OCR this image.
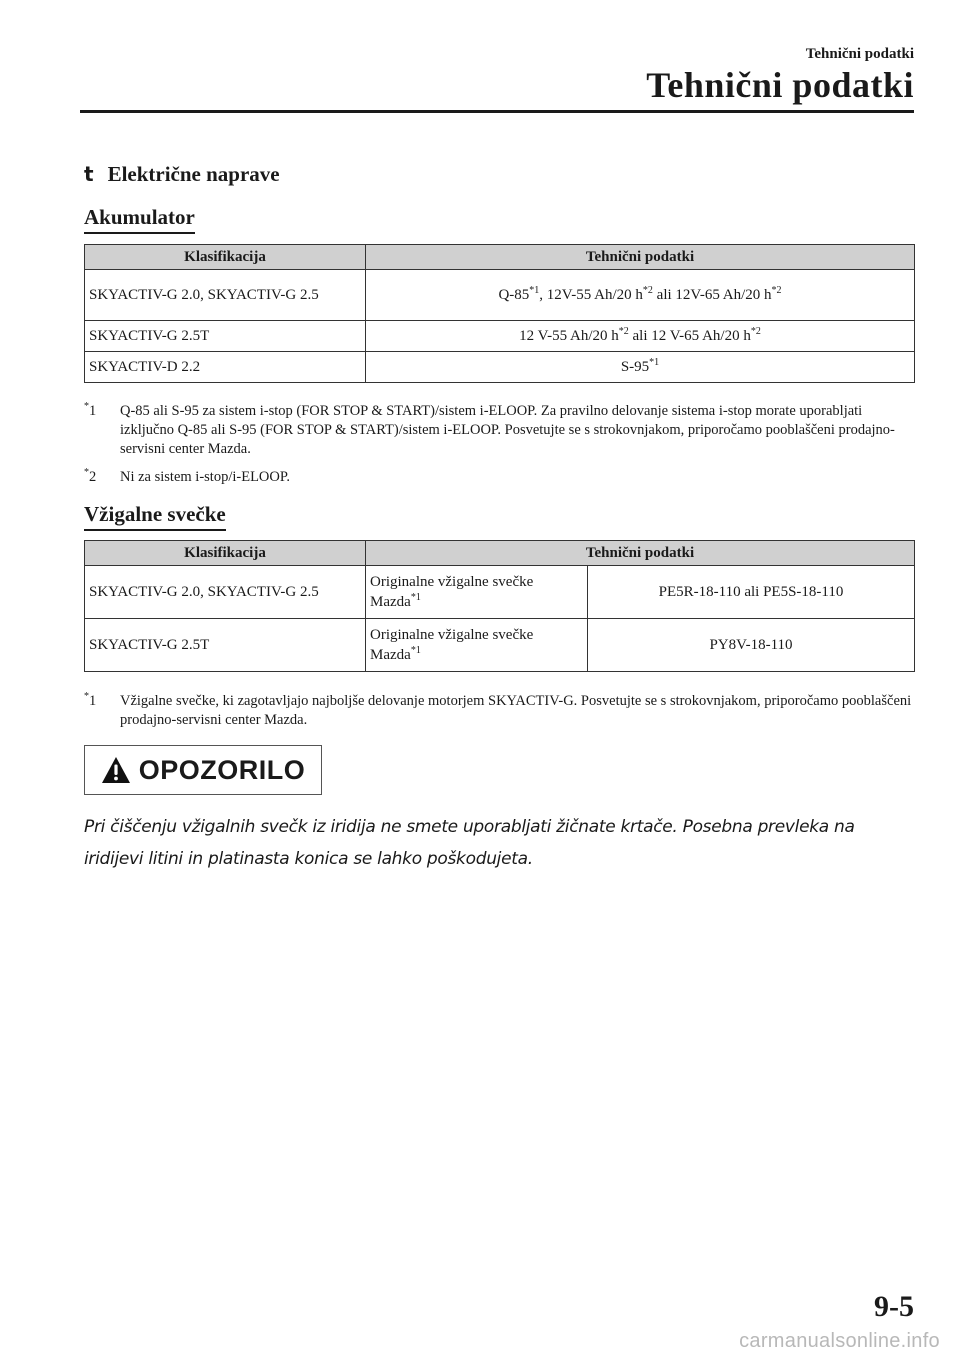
Tehnični podatki
Tehnični podatki
t Električne naprave
Akumulator
Klasifikacija	Tehnični podatki
SKYACTIV-G 2.0, SKYACTIV-G 2.5	Q-85$^{*1}$, 12V-55 Ah/20 $h^{*2}$ ali 12V-65 Ah/20 $h^{*2}$
SKYACTIV-G 2.5T	12 V-55 Ah/20 $h^{*2}$ ali 12 V-65 Ah/20 $h^{*2}$
SKYACTIV-D 2.2	S-95$^{*1}$
*1 Q-85 ali S-95 za sistem i-stop (FOR STOP & START)/sistem i-ELOOP. Za pravilno delovanje sistema i-stop morate uporabljati izključno Q-85 ali S-95 (FOR STOP & START)/sistem i-ELOOP. Posvetujte se s strokovnjakom, priporočamo pooblaščeni prodajno-servisni center Mazda.
*2 Ni za sistem i-stop/i-ELOOP.
Vžigalne svečke
Klasifikacija	Tehnični podatki	
SKYACTIV-G 2.0, SKYACTIV-G 2.5	Originalne vžigalne svečke Mazda$^{*1}$	PE5R-18-110 ali PE5S-18-110
SKYACTIV-G 2.5T	Originalne vžigalne svečke Mazda$^{*1}$	PY8V-18-110
*1 Vžigalne svečke, ki zagotavljajo najboljše delovanje motorjem SKYACTIV-G. Posvetujte se s strokovnjakom, priporočamo pooblaščeni prodajno-servisni center Mazda.
OPOZORILO
Pri čiščenju vžigalnih svečk iz iridija ne smete uporabljati žičnate krtače. Posebna prevleka na iridijevi litini in platinasta konica se lahko poškodujeta.
9-5
carmanualsonline.info
